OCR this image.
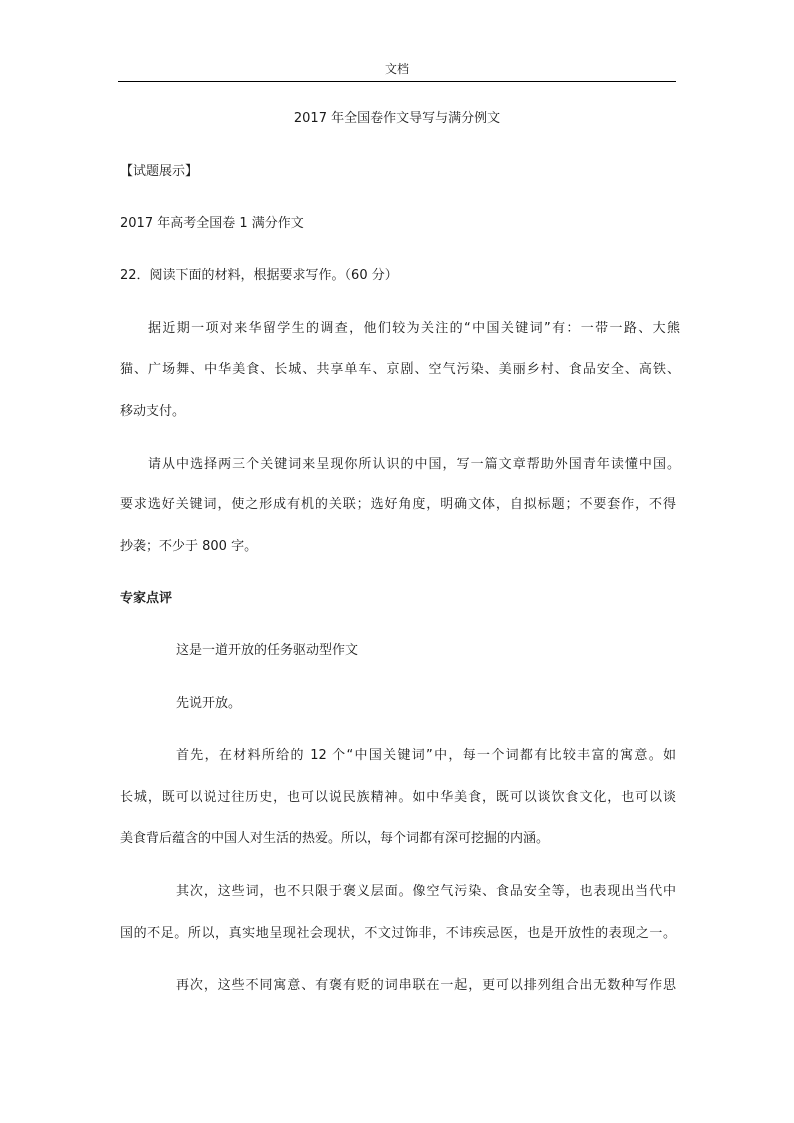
文档
2017 年全国卷作文导写与满分例文
【试题展示】
2017 年高考全国卷 1 满分作文
22．阅读下面的材料，根据要求写作。（60 分）
据近期一项对来华留学生的调查，他们较为关注的“中国关键词”有：一带一路、大熊
猫、广场舞、中华美食、长城、共享单车、京剧、空气污染、美丽乡村、食品安全、高铁、
移动支付。
请从中选择两三个关键词来呈现你所认识的中国，写一篇文章帮助外国青年读懂中国。
要求选好关键词，使之形成有机的关联；选好角度，明确文体，自拟标题；不要套作，不得
抄袭；不少于 800 字。
专家点评
这是一道开放的任务驱动型作文
先说开放。
首先，在材料所给的 12 个“中国关键词”中，每一个词都有比较丰富的寓意。如
长城，既可以说过往历史，也可以说民族精神。如中华美食，既可以谈饮食文化，也可以谈
美食背后蕴含的中国人对生活的热爱。所以，每个词都有深可挖掘的内涵。
其次，这些词，也不只限于褒义层面。像空气污染、食品安全等，也表现出当代中
国的不足。所以，真实地呈现社会现状，不文过饰非，不讳疾忌医，也是开放性的表现之一。
再次，这些不同寓意、有褒有贬的词串联在一起，更可以排列组合出无数种写作思
